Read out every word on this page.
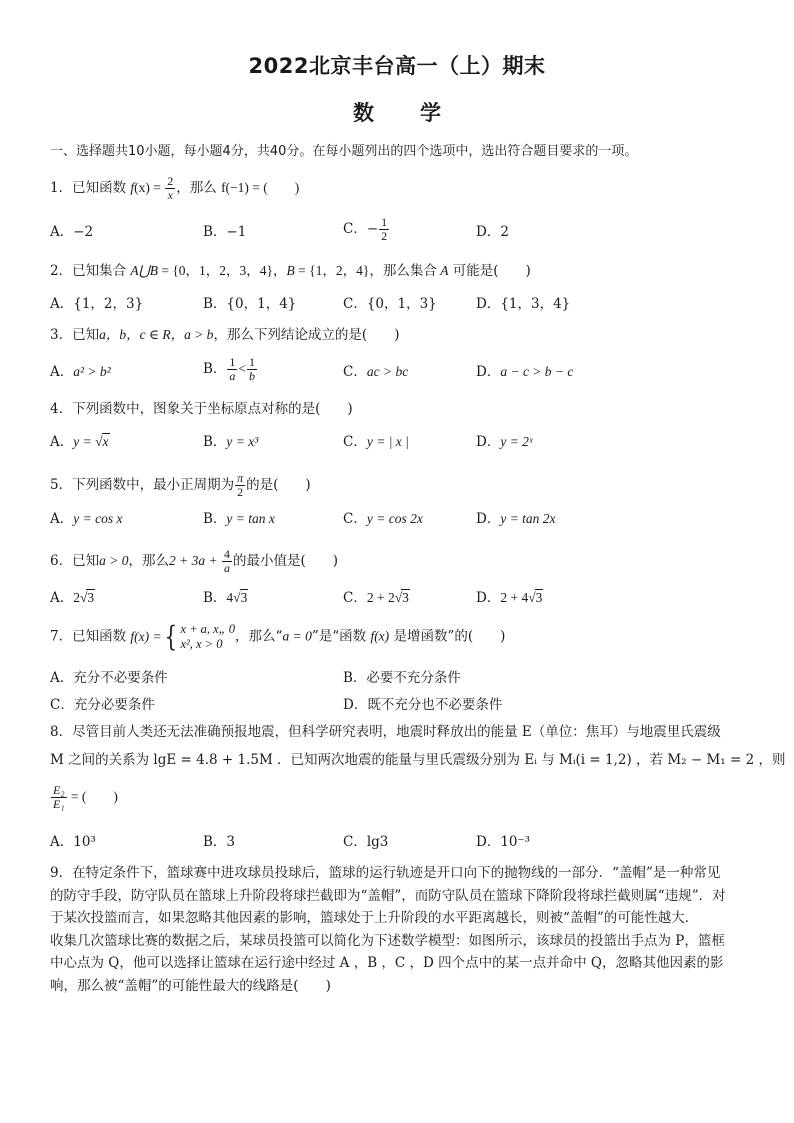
2022北京丰台高一（上）期末
数 学
一、选择题共10小题，每小题4分，共40分。在每小题列出的四个选项中，选出符合题目要求的一项。
1．已知函数 $f(x) = \frac{2}{x}$ ，那么 f(−1) = (　　)
A．−2	B．−1	C．− $\frac{1}{2}$	D．2
2．已知集合 A⋃B = {0，1，2，3，4}，B = {1，2，4}，那么集合 A 可能是(　　)
A．{1，2，3}	B．{0，1，4}	C．{0，1，3}	D．{1，3，4}
3．已知a，b，c ∈ R，a > b，那么下列结论成立的是(　　)
A．a² > b²	B． $\frac{1}{a} < \frac{1}{b}$	C．ac > bc	D．a − c > b − c
4．下列函数中，图象关于坐标原点对称的是(　　)
A．y = √x	B．y = x³	C．y = | x |	D．y = 2ˣ
5．下列函数中，最小正周期为 $\frac{\pi}{2}$ 的是(　　)
A．y = cos x	B．y = tan x	C．y = cos 2x	D．y = tan 2x
6．已知a > 0，那么$2 + 3a + \frac{4}{a}$ 的最小值是(　　)
A．2√3	B．4√3	C．2 + 2√3	D．2 + 4√3
7．已知函数 f(x) = { x + a, x„ 0
x², x > 0 ，那么“a = 0”是“函数 f(x) 是增函数”的(　　)
A．充分不必要条件	B．必要不充分条件
C．充分必要条件	D．既不充分也不必要条件
8．尽管目前人类还无法准确预报地震，但科学研究表明，地震时释放出的能量 E（单位：焦耳）与地震里氏震级
M 之间的关系为 lgE = 4.8 + 1.5M ．已知两次地震的能量与里氏震级分别为 Eᵢ 与 Mᵢ(i = 1,2) ，若 M₂ − M₁ = 2 ，则
$\frac{\text{E₂}}{\text{E₁}}$ = (　　)
A．10³	B．3	C．lg3	D．10⁻³
9．在特定条件下，篮球赛中进攻球员投球后，篮球的运行轨迹是开口向下的抛物线的一部分．“盖帽”是一种常见
的防守手段，防守队员在篮球上升阶段将球拦截即为“盖帽”，而防守队员在篮球下降阶段将球拦截则属“违规”．对
于某次投篮而言，如果忽略其他因素的影响，篮球处于上升阶段的水平距离越长，则被“盖帽”的可能性越大．
收集几次篮球比赛的数据之后，某球员投篮可以简化为下述数学模型：如图所示，该球员的投篮出手点为 P，篮框
中心点为 Q，他可以选择让篮球在运行途中经过 A ，B ，C ，D 四个点中的某一点并命中 Q，忽略其他因素的影
响，那么被“盖帽”的可能性最大的线路是(　　)
